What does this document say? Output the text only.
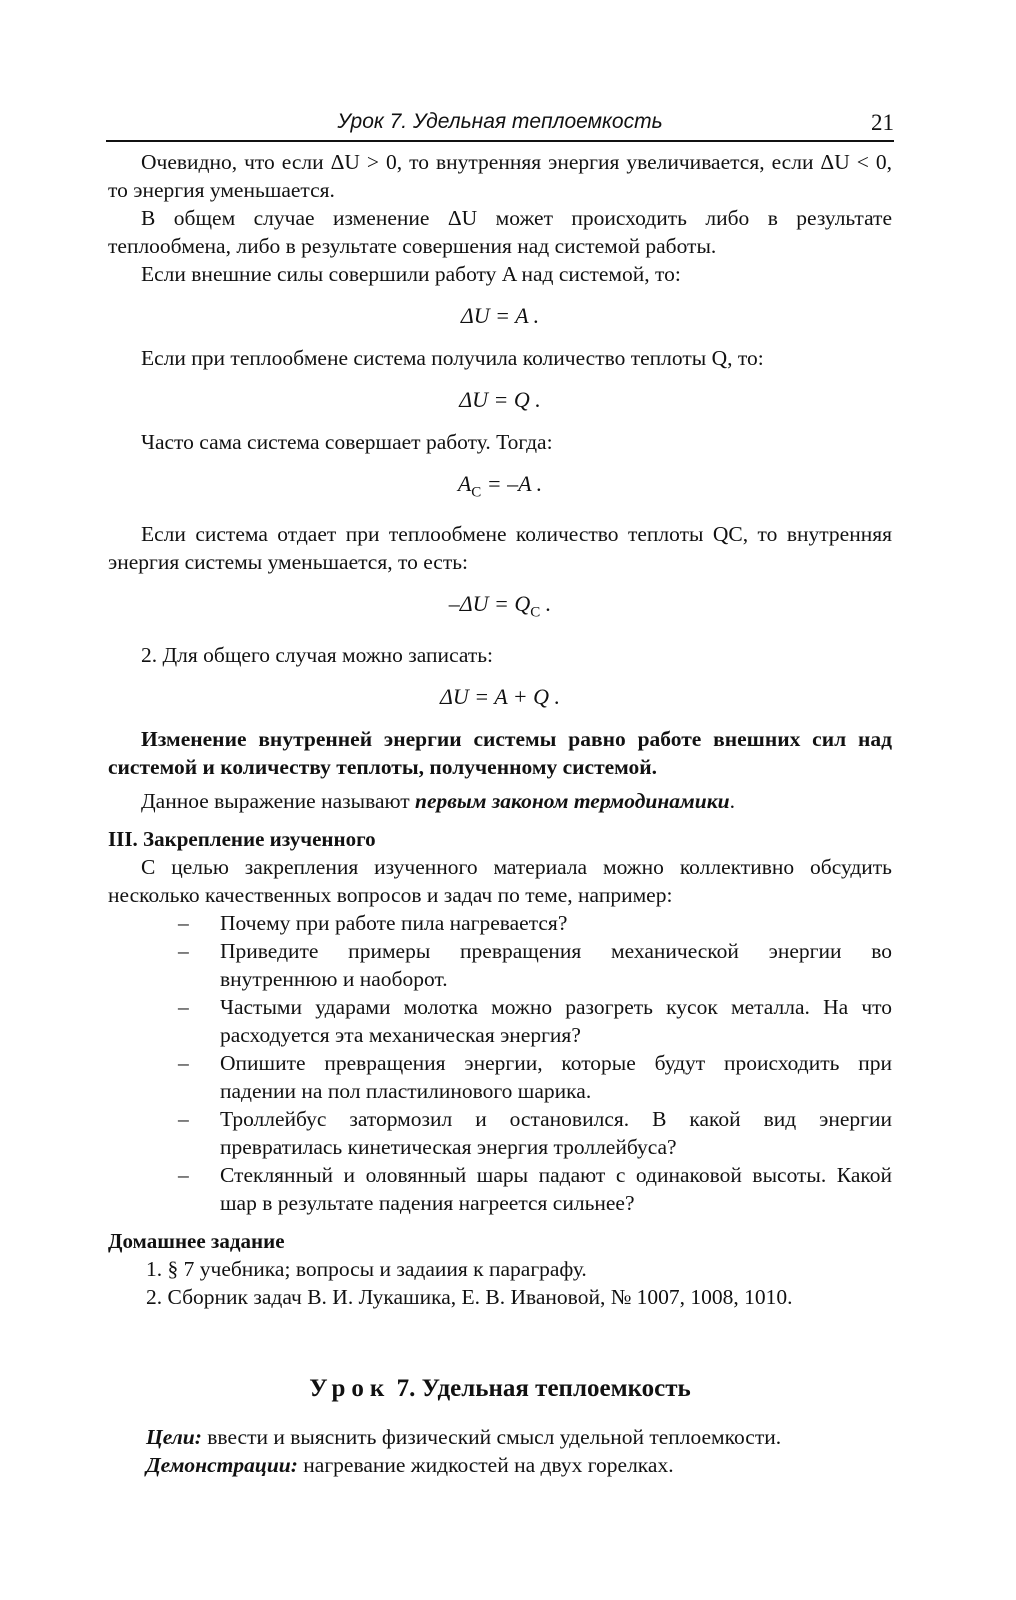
Урок 7. Удельная теплоемкость	21

Очевидно, что если ΔU > 0, то внутренняя энергия увеличивается, если ΔU < 0, то энергия уменьшается.

В общем случае изменение ΔU может происходить либо в результате теплообмена, либо в результате совершения над системой работы.

Если внешние силы совершили работу A над системой, то:

ΔU = A .

Если при теплообмене система получила количество теплоты Q, то:

ΔU = Q .

Часто сама система совершает работу. Тогда:

$A_C = -A$ .

Если система отдает при теплообмене количество теплоты QC, то внутренняя энергия системы уменьшается, то есть:

$-\Delta U = Q_C$ .

2. Для общего случая можно записать:

ΔU = A + Q .

Изменение внутренней энергии системы равно работе внешних сил над системой и количеству теплоты, полученному системой.

Данное выражение называют первым законом термодинамики.

III. Закрепление изученного

С целью закрепления изученного материала можно коллективно обсудить несколько качественных вопросов и задач по теме, например:

– Почему при работе пила нагревается?
– Приведите примеры превращения механической энергии во внутреннюю и наоборот.
– Частыми ударами молотка можно разогреть кусок металла. На что расходуется эта механическая энергия?
– Опишите превращения энергии, которые будут происходить при падении на пол пластилинового шарика.
– Троллейбус затормозил и остановился. В какой вид энергии превратилась кинетическая энергия троллейбуса?
– Стеклянный и оловянный шары падают с одинаковой высоты. Какой шар в результате падения нагреется сильнее?
Домашнее задание
1. § 7 учебника; вопросы и задаиия к параграфу.
2. Сборник задач В. И. Лукашика, Е. В. Ивановой, № 1007, 1008, 1010.
Урок 7. Удельная теплоемкость
Цели: ввести и выяснить физический смысл удельной теплоемкости.
Демонстрации: нагревание жидкостей на двух горелках.
